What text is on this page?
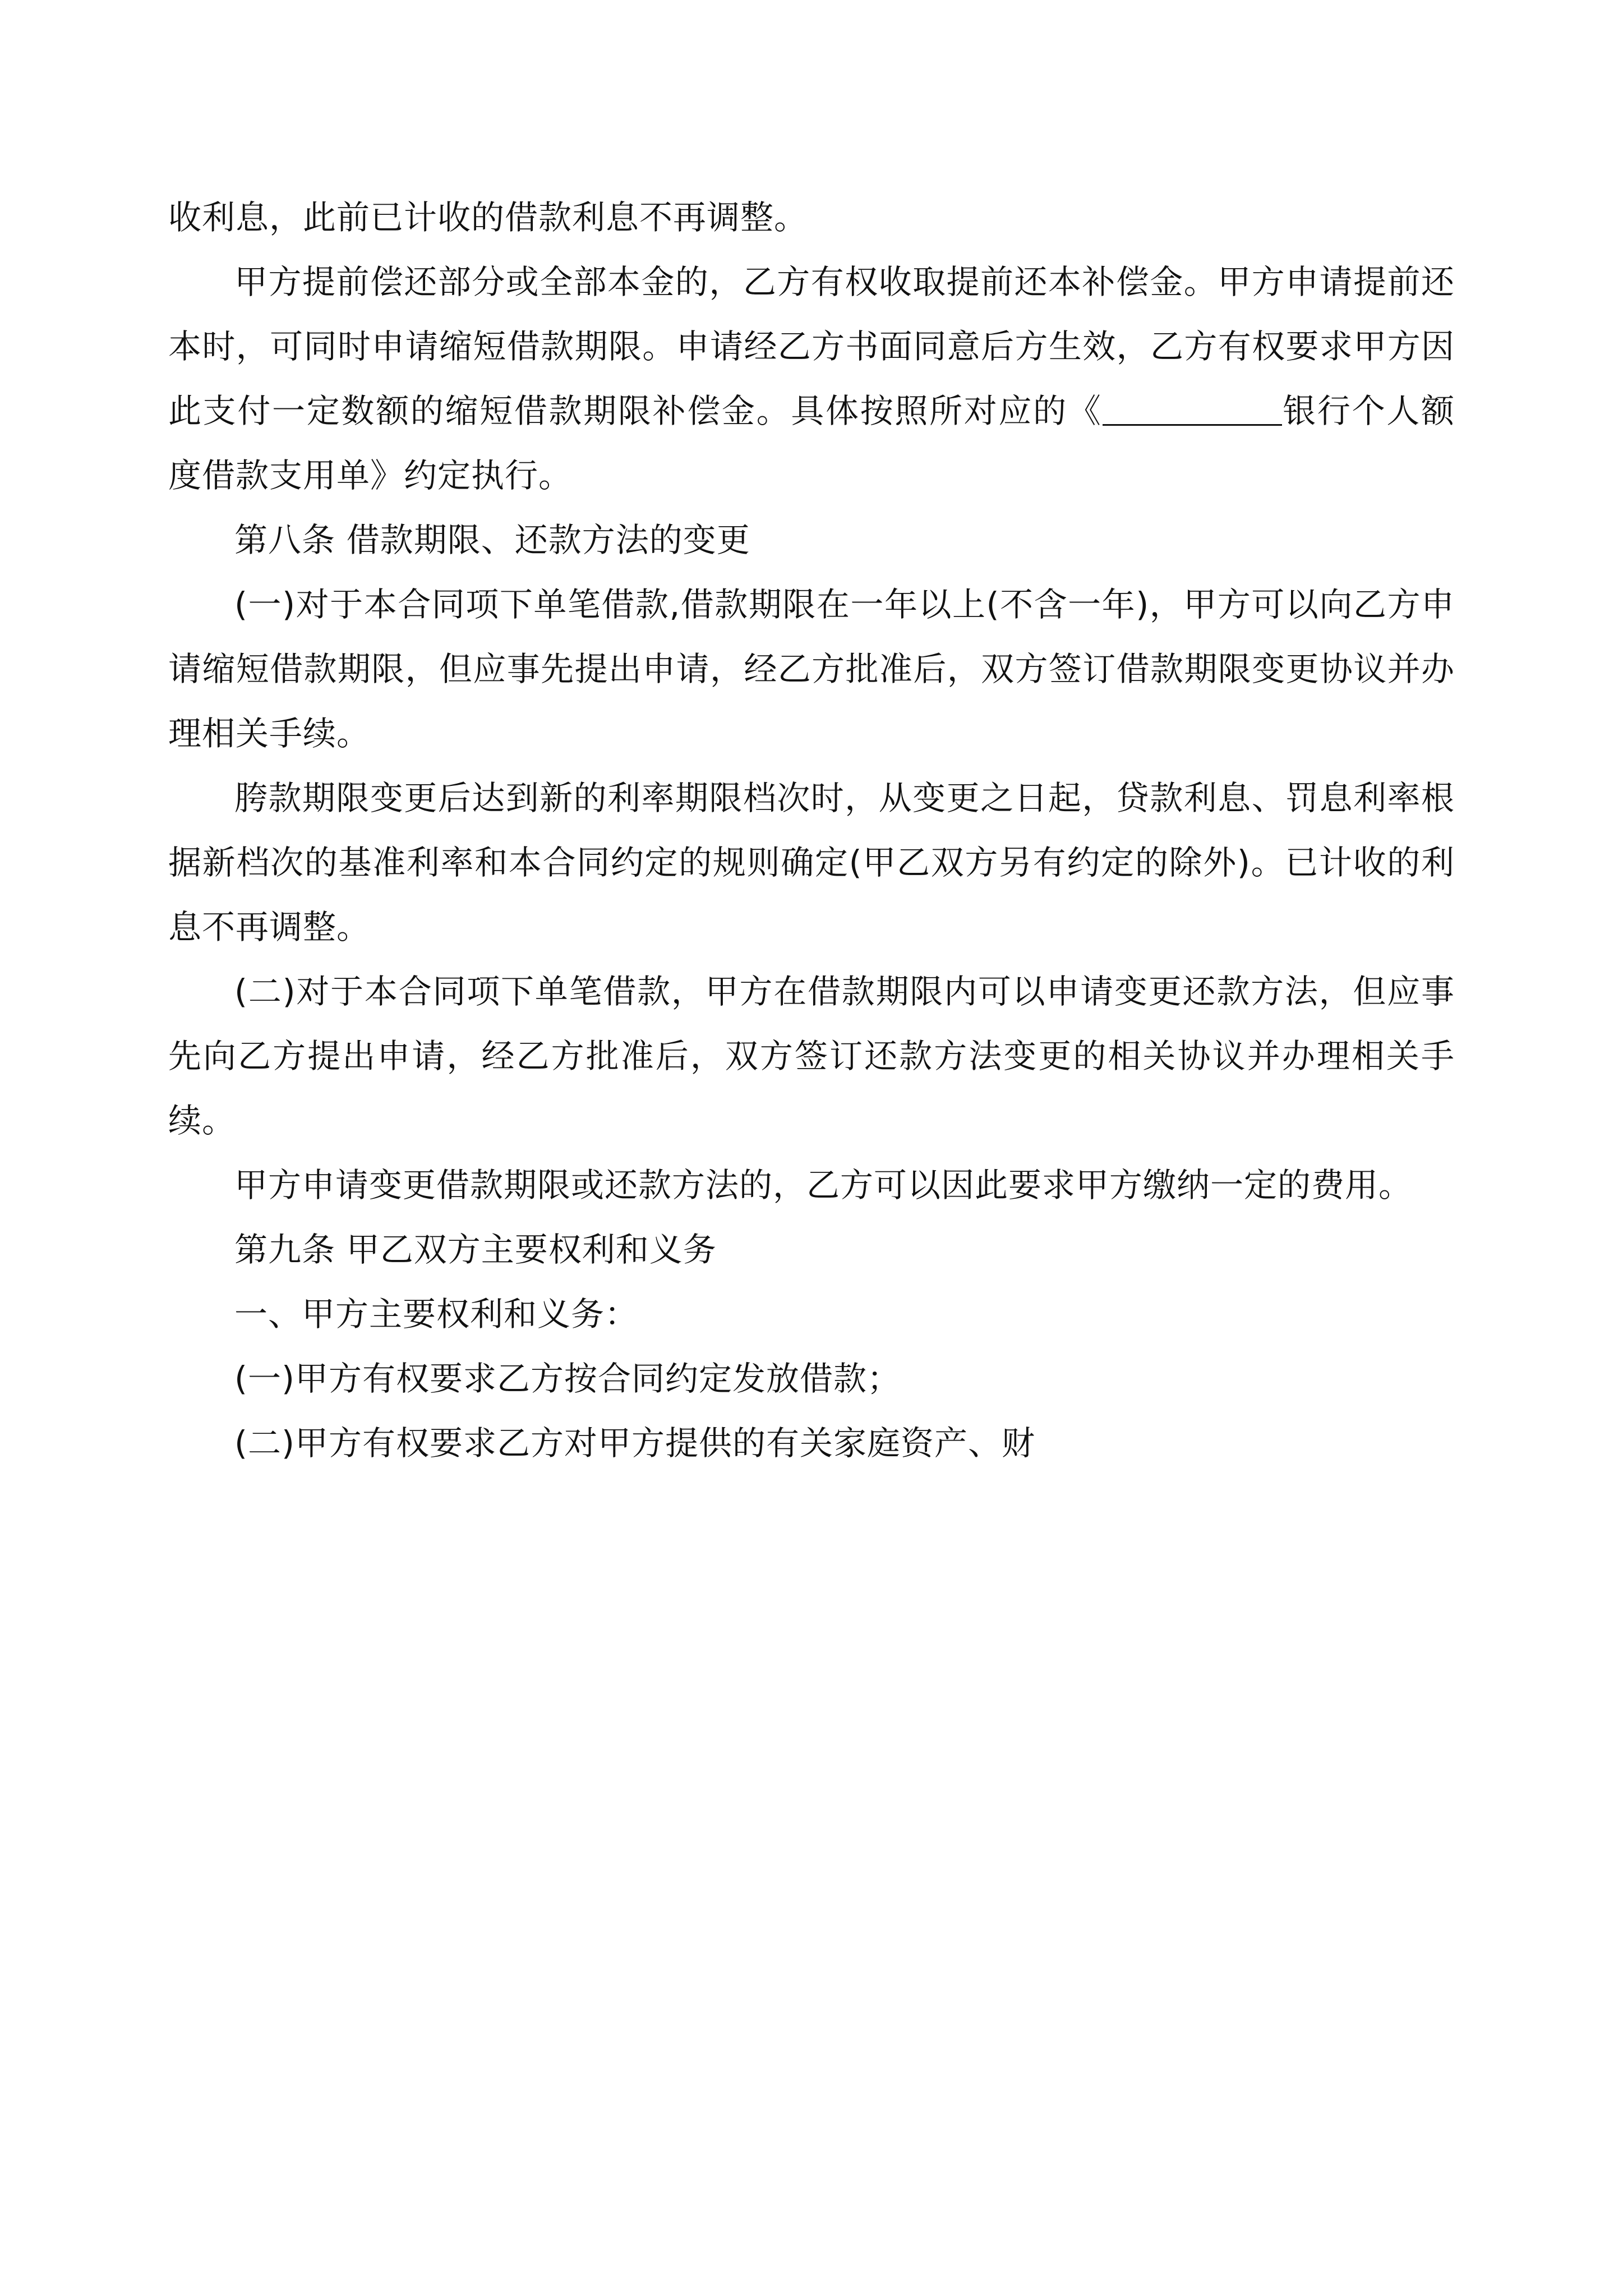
收利息，此前已计收的借款利息不再调整。

甲方提前偿还部分或全部本金的，乙方有权收取提前还本补偿金。甲方申请提前还本时，可同时申请缩短借款期限。申请经乙方书面同意后方生效，乙方有权要求甲方因此支付一定数额的缩短借款期限补偿金。具体按照所对应的《	银行个人额度借款支用单》约定执行。

第八条 借款期限、还款方法的变更

(一)对于本合同项下单笔借款,借款期限在一年以上(不含一年)，甲方可以向乙方申请缩短借款期限，但应事先提出申请，经乙方批准后，双方签订借款期限变更协议并办理相关手续。

胯款期限变更后达到新的利率期限档次时，从变更之日起，贷款利息、罚息利率根据新档次的基准利率和本合同约定的规则确定(甲乙双方另有约定的除外)。已计收的利息不再调整。

(二)对于本合同项下单笔借款，甲方在借款期限内可以申请变更还款方法，但应事先向乙方提出申请，经乙方批准后，双方签订还款方法变更的相关协议并办理相关手续。

甲方申请变更借款期限或还款方法的，乙方可以因此要求甲方缴纳一定的费用。

第九条 甲乙双方主要权利和义务

一、甲方主要权利和义务：

(一)甲方有权要求乙方按合同约定发放借款；

(二)甲方有权要求乙方对甲方提供的有关家庭资产、财
